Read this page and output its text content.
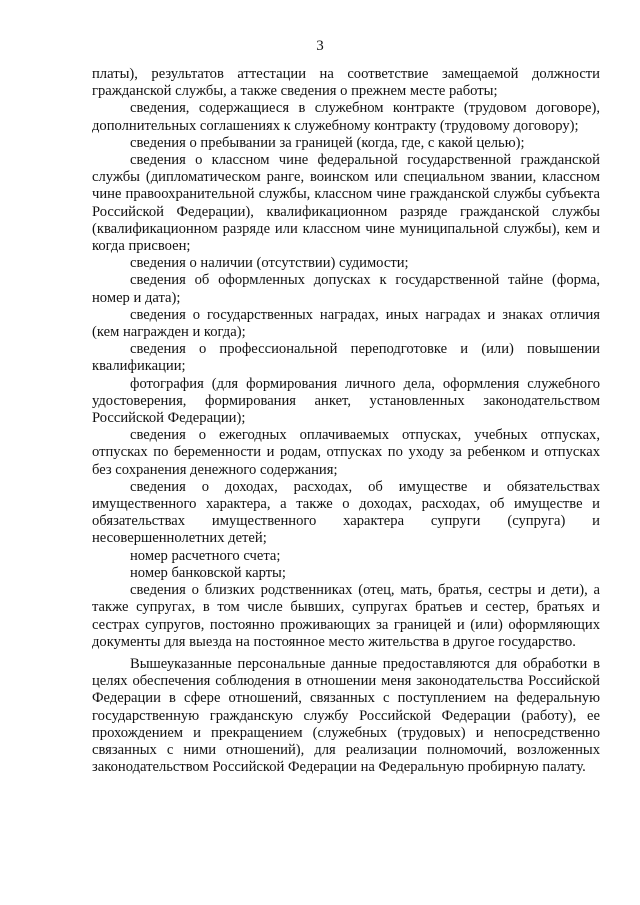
3

платы), результатов аттестации на соответствие замещаемой должности гражданской службы, а также сведения о прежнем месте работы;

сведения, содержащиеся в служебном контракте (трудовом договоре), дополнительных соглашениях к служебному контракту (трудовому договору);

сведения о пребывании за границей (когда, где, с какой целью);

сведения о классном чине федеральной государственной гражданской службы (дипломатическом ранге, воинском или специальном звании, классном чине правоохранительной службы, классном чине гражданской службы субъекта Российской Федерации), квалификационном разряде гражданской службы (квалификационном разряде или классном чине муниципальной службы), кем и когда присвоен;

сведения о наличии (отсутствии) судимости;

сведения об оформленных допусках к государственной тайне (форма, номер и дата);

сведения о государственных наградах, иных наградах и знаках отличия (кем награжден и когда);

сведения о профессиональной переподготовке и (или) повышении квалификации;

фотография (для формирования личного дела, оформления служебного удостоверения, формирования анкет, установленных законодательством Российской Федерации);

сведения о ежегодных оплачиваемых отпусках, учебных отпусках, отпусках по беременности и родам, отпусках по уходу за ребенком и отпусках без сохранения денежного содержания;

сведения о доходах, расходах, об имуществе и обязательствах имущественного характера, а также о доходах, расходах, об имуществе и обязательствах имущественного характера супруги (супруга) и несовершеннолетних детей;

номер расчетного счета;

номер банковской карты;

сведения о близких родственниках (отец, мать, братья, сестры и дети), а также супругах, в том числе бывших, супругах братьев и сестер, братьях и сестрах супругов, постоянно проживающих за границей и (или) оформляющих документы для выезда на постоянное место жительства в другое государство.

Вышеуказанные персональные данные предоставляются для обработки в целях обеспечения соблюдения в отношении меня законодательства Российской Федерации в сфере отношений, связанных с поступлением на федеральную государственную гражданскую службу Российской Федерации (работу), ее прохождением и прекращением (служебных (трудовых) и непосредственно связанных с ними отношений), для реализации полномочий, возложенных законодательством Российской Федерации на Федеральную пробирную палату.
